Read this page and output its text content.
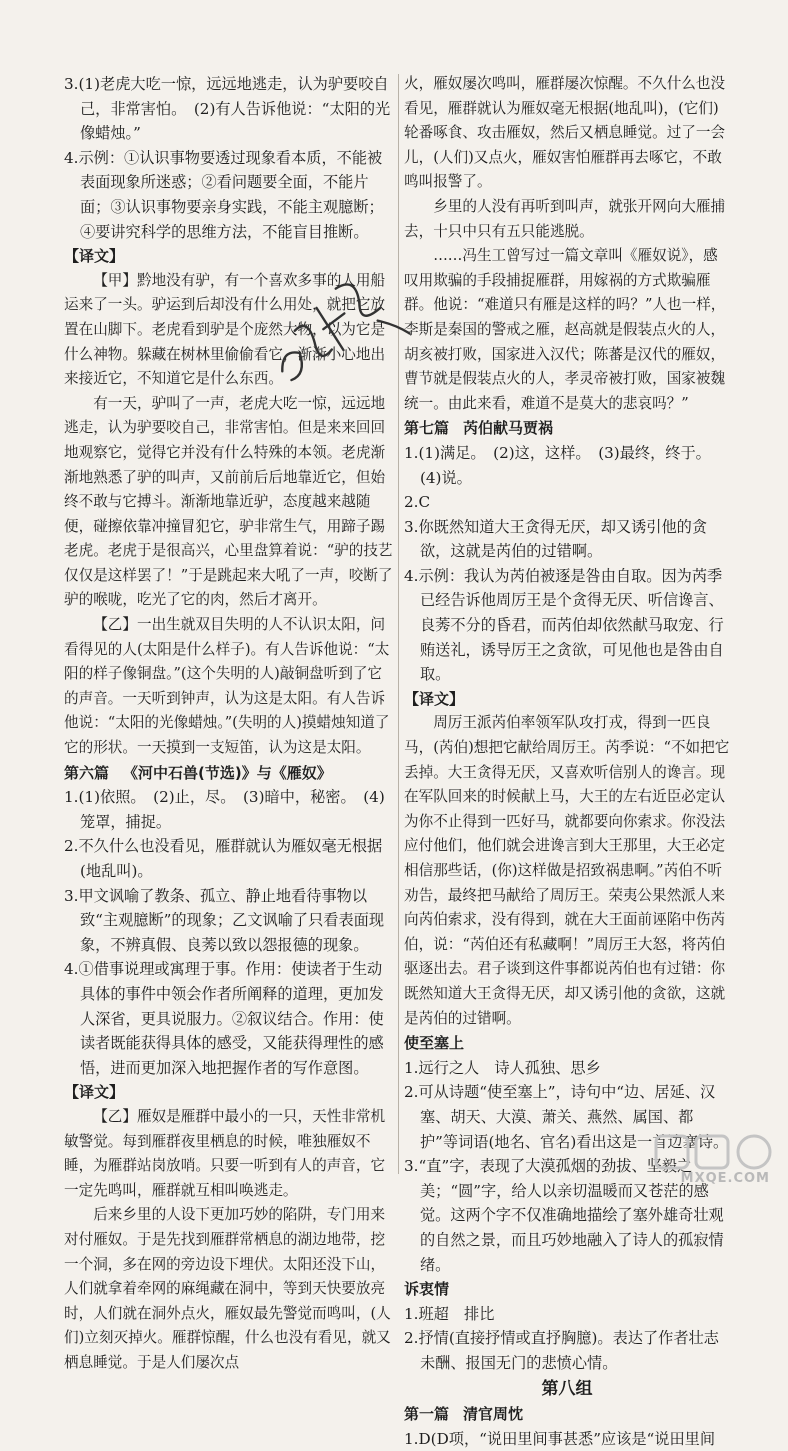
3.(1)老虎大吃一惊，远远地逃走，认为驴要咬自己，非常害怕。　(2)有人告诉他说：“太阳的光像蜡烛。”

4.示例：①认识事物要透过现象看本质，不能被表面现象所迷惑；②看问题要全面，不能片面；③认识事物要亲身实践，不能主观臆断；④要讲究科学的思维方法，不能盲目推断。

【译文】

【甲】黔地没有驴，有一个喜欢多事的人用船运来了一头。驴运到后却没有什么用处，就把它放置在山脚下。老虎看到驴是个庞然大物，以为它是什么神物。躲藏在树林里偷偷看它，渐渐小心地出来接近它，不知道它是什么东西。

有一天，驴叫了一声，老虎大吃一惊，远远地逃走，认为驴要咬自己，非常害怕。但是来来回回地观察它，觉得它并没有什么特殊的本领。老虎渐渐地熟悉了驴的叫声，又前前后后地靠近它，但始终不敢与它搏斗。渐渐地靠近驴，态度越来越随便，碰擦依靠冲撞冒犯它，驴非常生气，用蹄子踢老虎。老虎于是很高兴，心里盘算着说：“驴的技艺仅仅是这样罢了！”于是跳起来大吼了一声，咬断了驴的喉咙，吃光了它的肉，然后才离开。

【乙】一出生就双目失明的人不认识太阳，问看得见的人(太阳是什么样子)。有人告诉他说：“太阳的样子像铜盘。”(这个失明的人)敲铜盘听到了它的声音。一天听到钟声，认为这是太阳。有人告诉他说：“太阳的光像蜡烛。”(失明的人)摸蜡烛知道了它的形状。一天摸到一支短笛，认为这是太阳。

第六篇 《河中石兽(节选)》与《雁奴》

1.(1)依照。　(2)止，尽。　(3)暗中，秘密。　(4)笼罩，捕捉。

2.不久什么也没看见，雁群就认为雁奴毫无根据(地乱叫)。

3.甲文讽喻了教条、孤立、静止地看待事物以致“主观臆断”的现象；乙文讽喻了只看表面现象，不辨真假、良莠以致以怨报德的现象。

4.①借事说理或寓理于事。作用：使读者于生动具体的事件中领会作者所阐释的道理，更加发人深省，更具说服力。②叙议结合。作用：使读者既能获得具体的感受，又能获得理性的感悟，进而更加深入地把握作者的写作意图。

【译文】

【乙】雁奴是雁群中最小的一只，天性非常机敏警觉。每到雁群夜里栖息的时候，唯独雁奴不睡，为雁群站岗放哨。只要一听到有人的声音，它一定先鸣叫，雁群就互相叫唤逃走。

后来乡里的人设下更加巧妙的陷阱，专门用来对付雁奴。于是先找到雁群常栖息的湖边地带，挖一个洞，多在网的旁边设下埋伏。太阳还没下山，人们就拿着牵网的麻绳藏在洞中，等到天快要放亮时，人们就在洞外点火，雁奴最先警觉而鸣叫，(人们)立刻灭掉火。雁群惊醒，什么也没有看见，就又栖息睡觉。于是人们屡次点

火，雁奴屡次鸣叫，雁群屡次惊醒。不久什么也没看见，雁群就认为雁奴毫无根据(地乱叫)，(它们)轮番啄食、攻击雁奴，然后又栖息睡觉。过了一会儿，(人们)又点火，雁奴害怕雁群再去啄它，不敢鸣叫报警了。

乡里的人没有再听到叫声，就张开网向大雁捕去，十只中只有五只能逃脱。

……冯生工曾写过一篇文章叫《雁奴说》，感叹用欺骗的手段捕捉雁群，用嫁祸的方式欺骗雁群。他说：“难道只有雁是这样的吗？”人也一样，李斯是秦国的警戒之雁，赵高就是假装点火的人，胡亥被打败，国家进入汉代；陈蕃是汉代的雁奴，曹节就是假装点火的人，孝灵帝被打败，国家被魏统一。由此来看，难道不是莫大的悲哀吗？”

第七篇 芮伯献马贾祸

1.(1)满足。　(2)这，这样。　(3)最终，终于。　(4)说。

2.C

3.你既然知道大王贪得无厌，却又诱引他的贪欲，这就是芮伯的过错啊。

4.示例：我认为芮伯被逐是咎由自取。因为芮季已经告诉他周厉王是个贪得无厌、听信谗言、良莠不分的昏君，而芮伯却依然献马取宠、行贿送礼，诱导厉王之贪欲，可见他也是咎由自取。

【译文】

周厉王派芮伯率领军队攻打戎，得到一匹良马，(芮伯)想把它献给周厉王。芮季说：“不如把它丢掉。大王贪得无厌，又喜欢听信别人的谗言。现在军队回来的时候献上马，大王的左右近臣必定认为你不止得到一匹好马，就都要向你索求。你没法应付他们，他们就会进谗言到大王那里，大王必定相信那些话，(你)这样做是招致祸患啊。”芮伯不听劝告，最终把马献给了周厉王。荣夷公果然派人来向芮伯索求，没有得到，就在大王面前诬陷中伤芮伯，说：“芮伯还有私藏啊！”周厉王大怒，将芮伯驱逐出去。君子谈到这件事都说芮伯也有过错：你既然知道大王贪得无厌，却又诱引他的贪欲，这就是芮伯的过错啊。

使至塞上

1.远行之人　诗人孤独、思乡

2.可从诗题“使至塞上”，诗句中“边、居延、汉塞、胡天、大漠、萧关、燕然、属国、都护”等词语(地名、官名)看出这是一首边塞诗。

3.“直”字，表现了大漠孤烟的劲拔、坚毅之美；“圆”字，给人以亲切温暖而又苍茫的感觉。这两个字不仅准确地描绘了塞外雄奇壮观的自然之景，而且巧妙地融入了诗人的孤寂情绪。

诉衷情

1.班超　排比

2.抒情(直接抒情或直抒胸臆)。表达了作者壮志未酬、报国无门的悲愤心情。

第八组

第一篇 清官周忱

1.D(D项，“说田里间事甚悉”应该是“说田里间

MXQE.COM
